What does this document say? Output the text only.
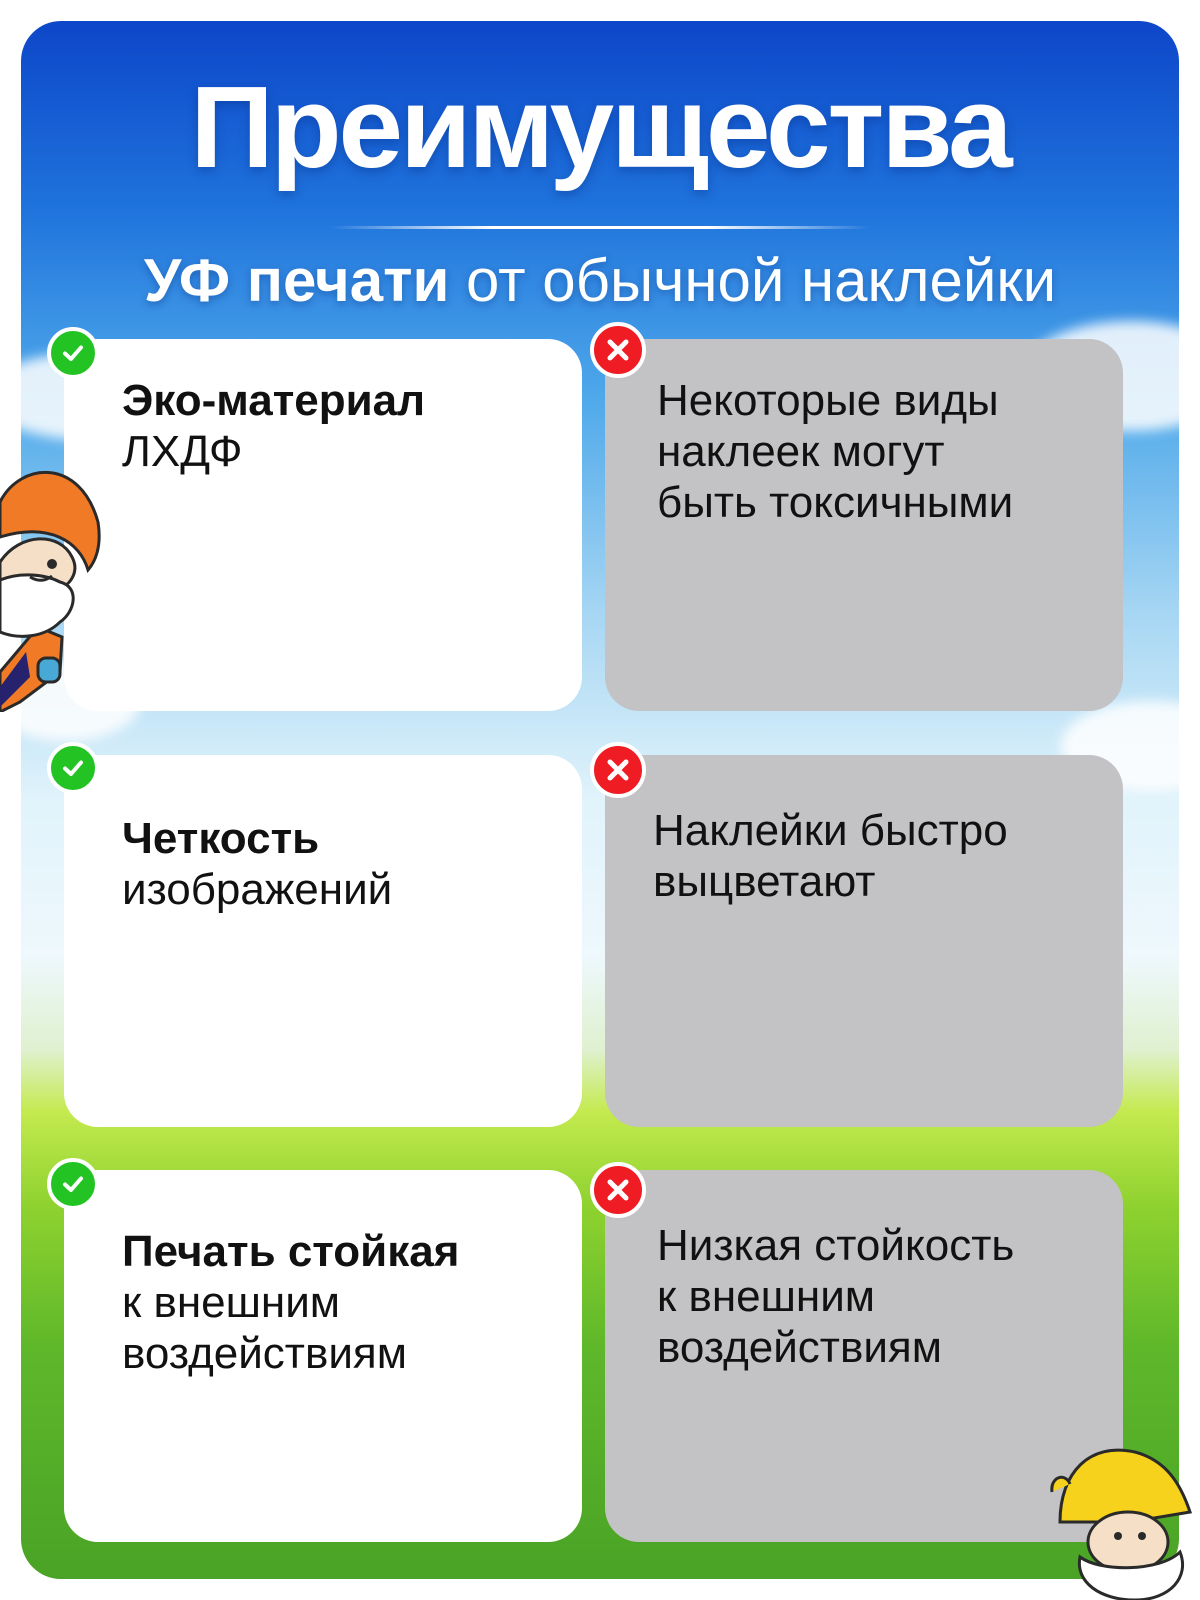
Преимущества
УФ печати от обычной наклейки
Эко-материал
ЛХДФ
Некоторые виды
наклеек могут
быть токсичными
Четкость
изображений
Наклейки быстро
выцветают
Печать стойкая
к внешним
воздействиям
Низкая стойкость
к внешним
воздействиям
